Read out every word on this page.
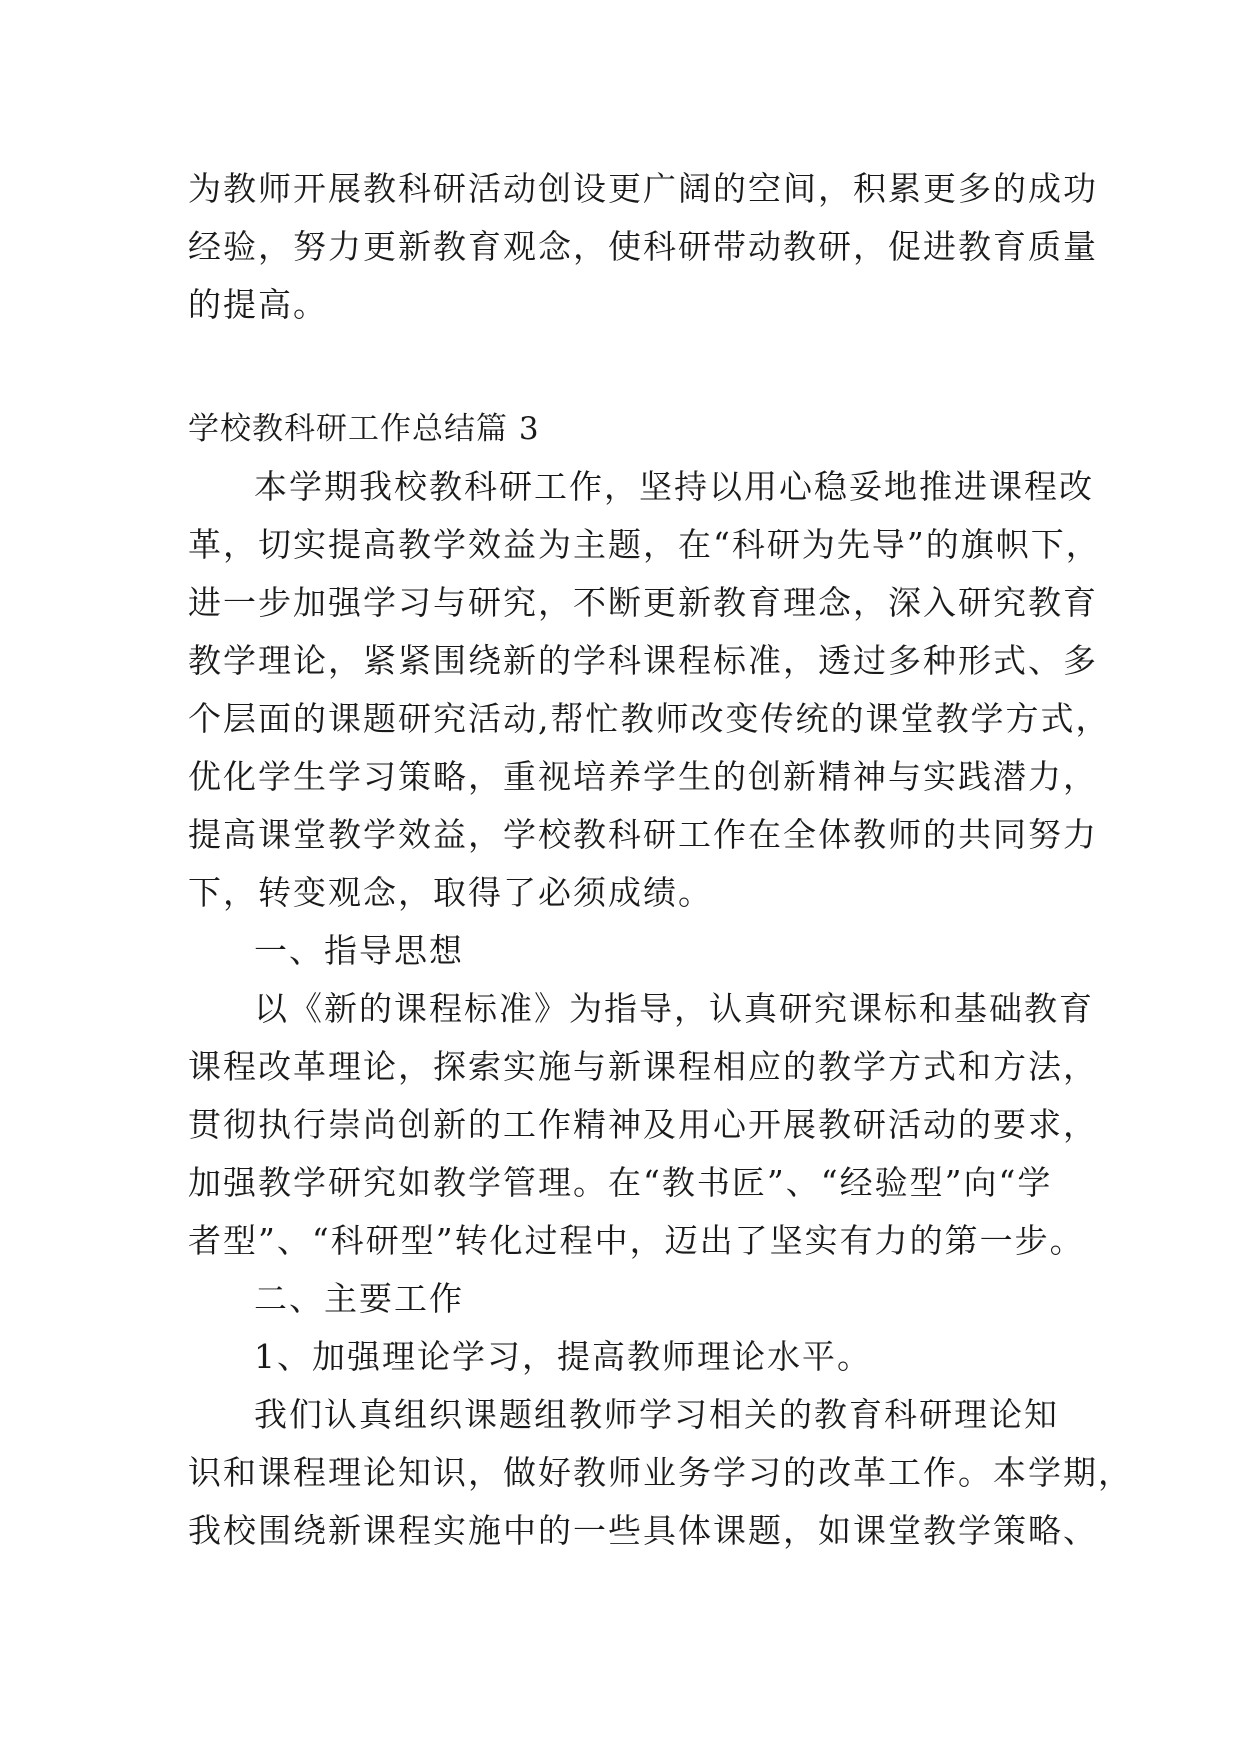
为教师开展教科研活动创设更广阔的空间，积累更多的成功
经验，努力更新教育观念，使科研带动教研，促进教育质量
的提高。
学校教科研工作总结篇 3
本学期我校教科研工作，坚持以用心稳妥地推进课程改
革，切实提高教学效益为主题，在“科研为先导”的旗帜下，
进一步加强学习与研究，不断更新教育理念，深入研究教育
教学理论，紧紧围绕新的学科课程标准，透过多种形式、多
个层面的课题研究活动,帮忙教师改变传统的课堂教学方式，
优化学生学习策略，重视培养学生的创新精神与实践潜力，
提高课堂教学效益，学校教科研工作在全体教师的共同努力
下，转变观念，取得了必须成绩。
一、指导思想
以《新的课程标准》为指导，认真研究课标和基础教育
课程改革理论，探索实施与新课程相应的教学方式和方法，
贯彻执行崇尚创新的工作精神及用心开展教研活动的要求，
加强教学研究如教学管理。在“教书匠”、“经验型”向“学
者型”、“科研型”转化过程中，迈出了坚实有力的第一步。
二、主要工作
1、加强理论学习，提高教师理论水平。
我们认真组织课题组教师学习相关的教育科研理论知
识和课程理论知识，做好教师业务学习的改革工作。本学期，
我校围绕新课程实施中的一些具体课题，如课堂教学策略、
